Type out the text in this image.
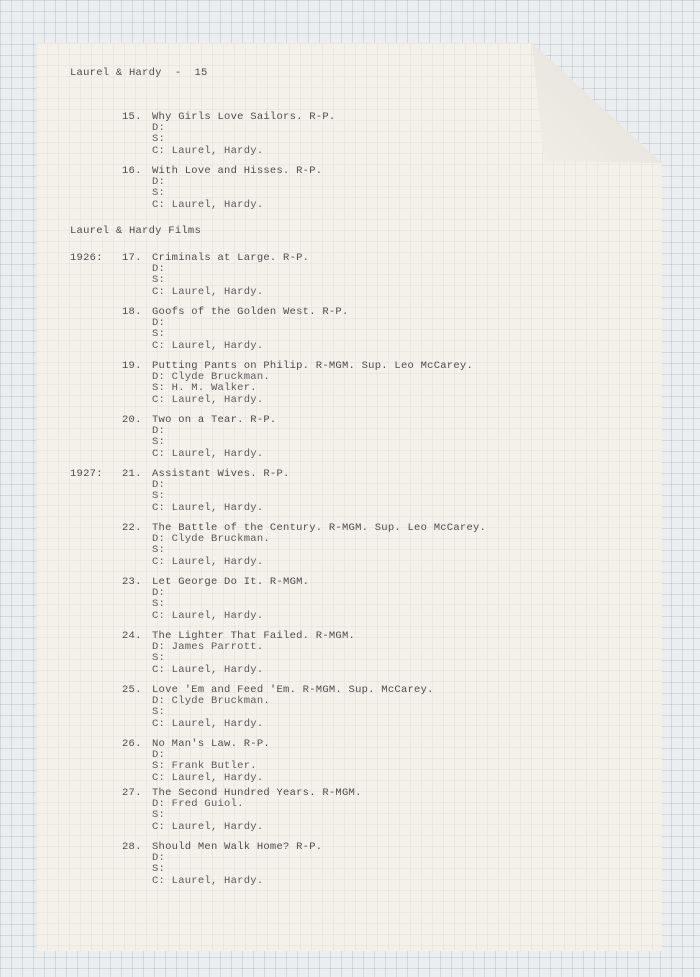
Laurel & Hardy  -  15
Laurel & Hardy Films
15. Why Girls Love Sailors. R-P.
D:
S:
C: Laurel, Hardy.
16. With Love and Hisses. R-P.
D:
S:
C: Laurel, Hardy.
1926: 17. Criminals at Large. R-P.
D:
S:
C: Laurel, Hardy.
18. Goofs of the Golden West. R-P.
D:
S:
C: Laurel, Hardy.
19. Putting Pants on Philip. R-MGM. Sup. Leo McCarey.
D: Clyde Bruckman.
S: H. M. Walker.
C: Laurel, Hardy.
20. Two on a Tear. R-P.
D:
S:
C: Laurel, Hardy.
1927: 21. Assistant Wives. R-P.
D:
S:
C: Laurel, Hardy.
22. The Battle of the Century. R-MGM. Sup. Leo McCarey.
D: Clyde Bruckman.
S:
C: Laurel, Hardy.
23. Let George Do It. R-MGM.
D:
S:
C: Laurel, Hardy.
24. The Lighter That Failed. R-MGM.
D: James Parrott.
S:
C: Laurel, Hardy.
25. Love 'Em and Feed 'Em. R-MGM. Sup. McCarey.
D: Clyde Bruckman.
S:
C: Laurel, Hardy.
26. No Man's Law. R-P.
D:
S: Frank Butler.
C: Laurel, Hardy.
27. The Second Hundred Years. R-MGM.
D: Fred Guiol.
S:
C: Laurel, Hardy.
28. Should Men Walk Home? R-P.
D:
S:
C: Laurel, Hardy.
